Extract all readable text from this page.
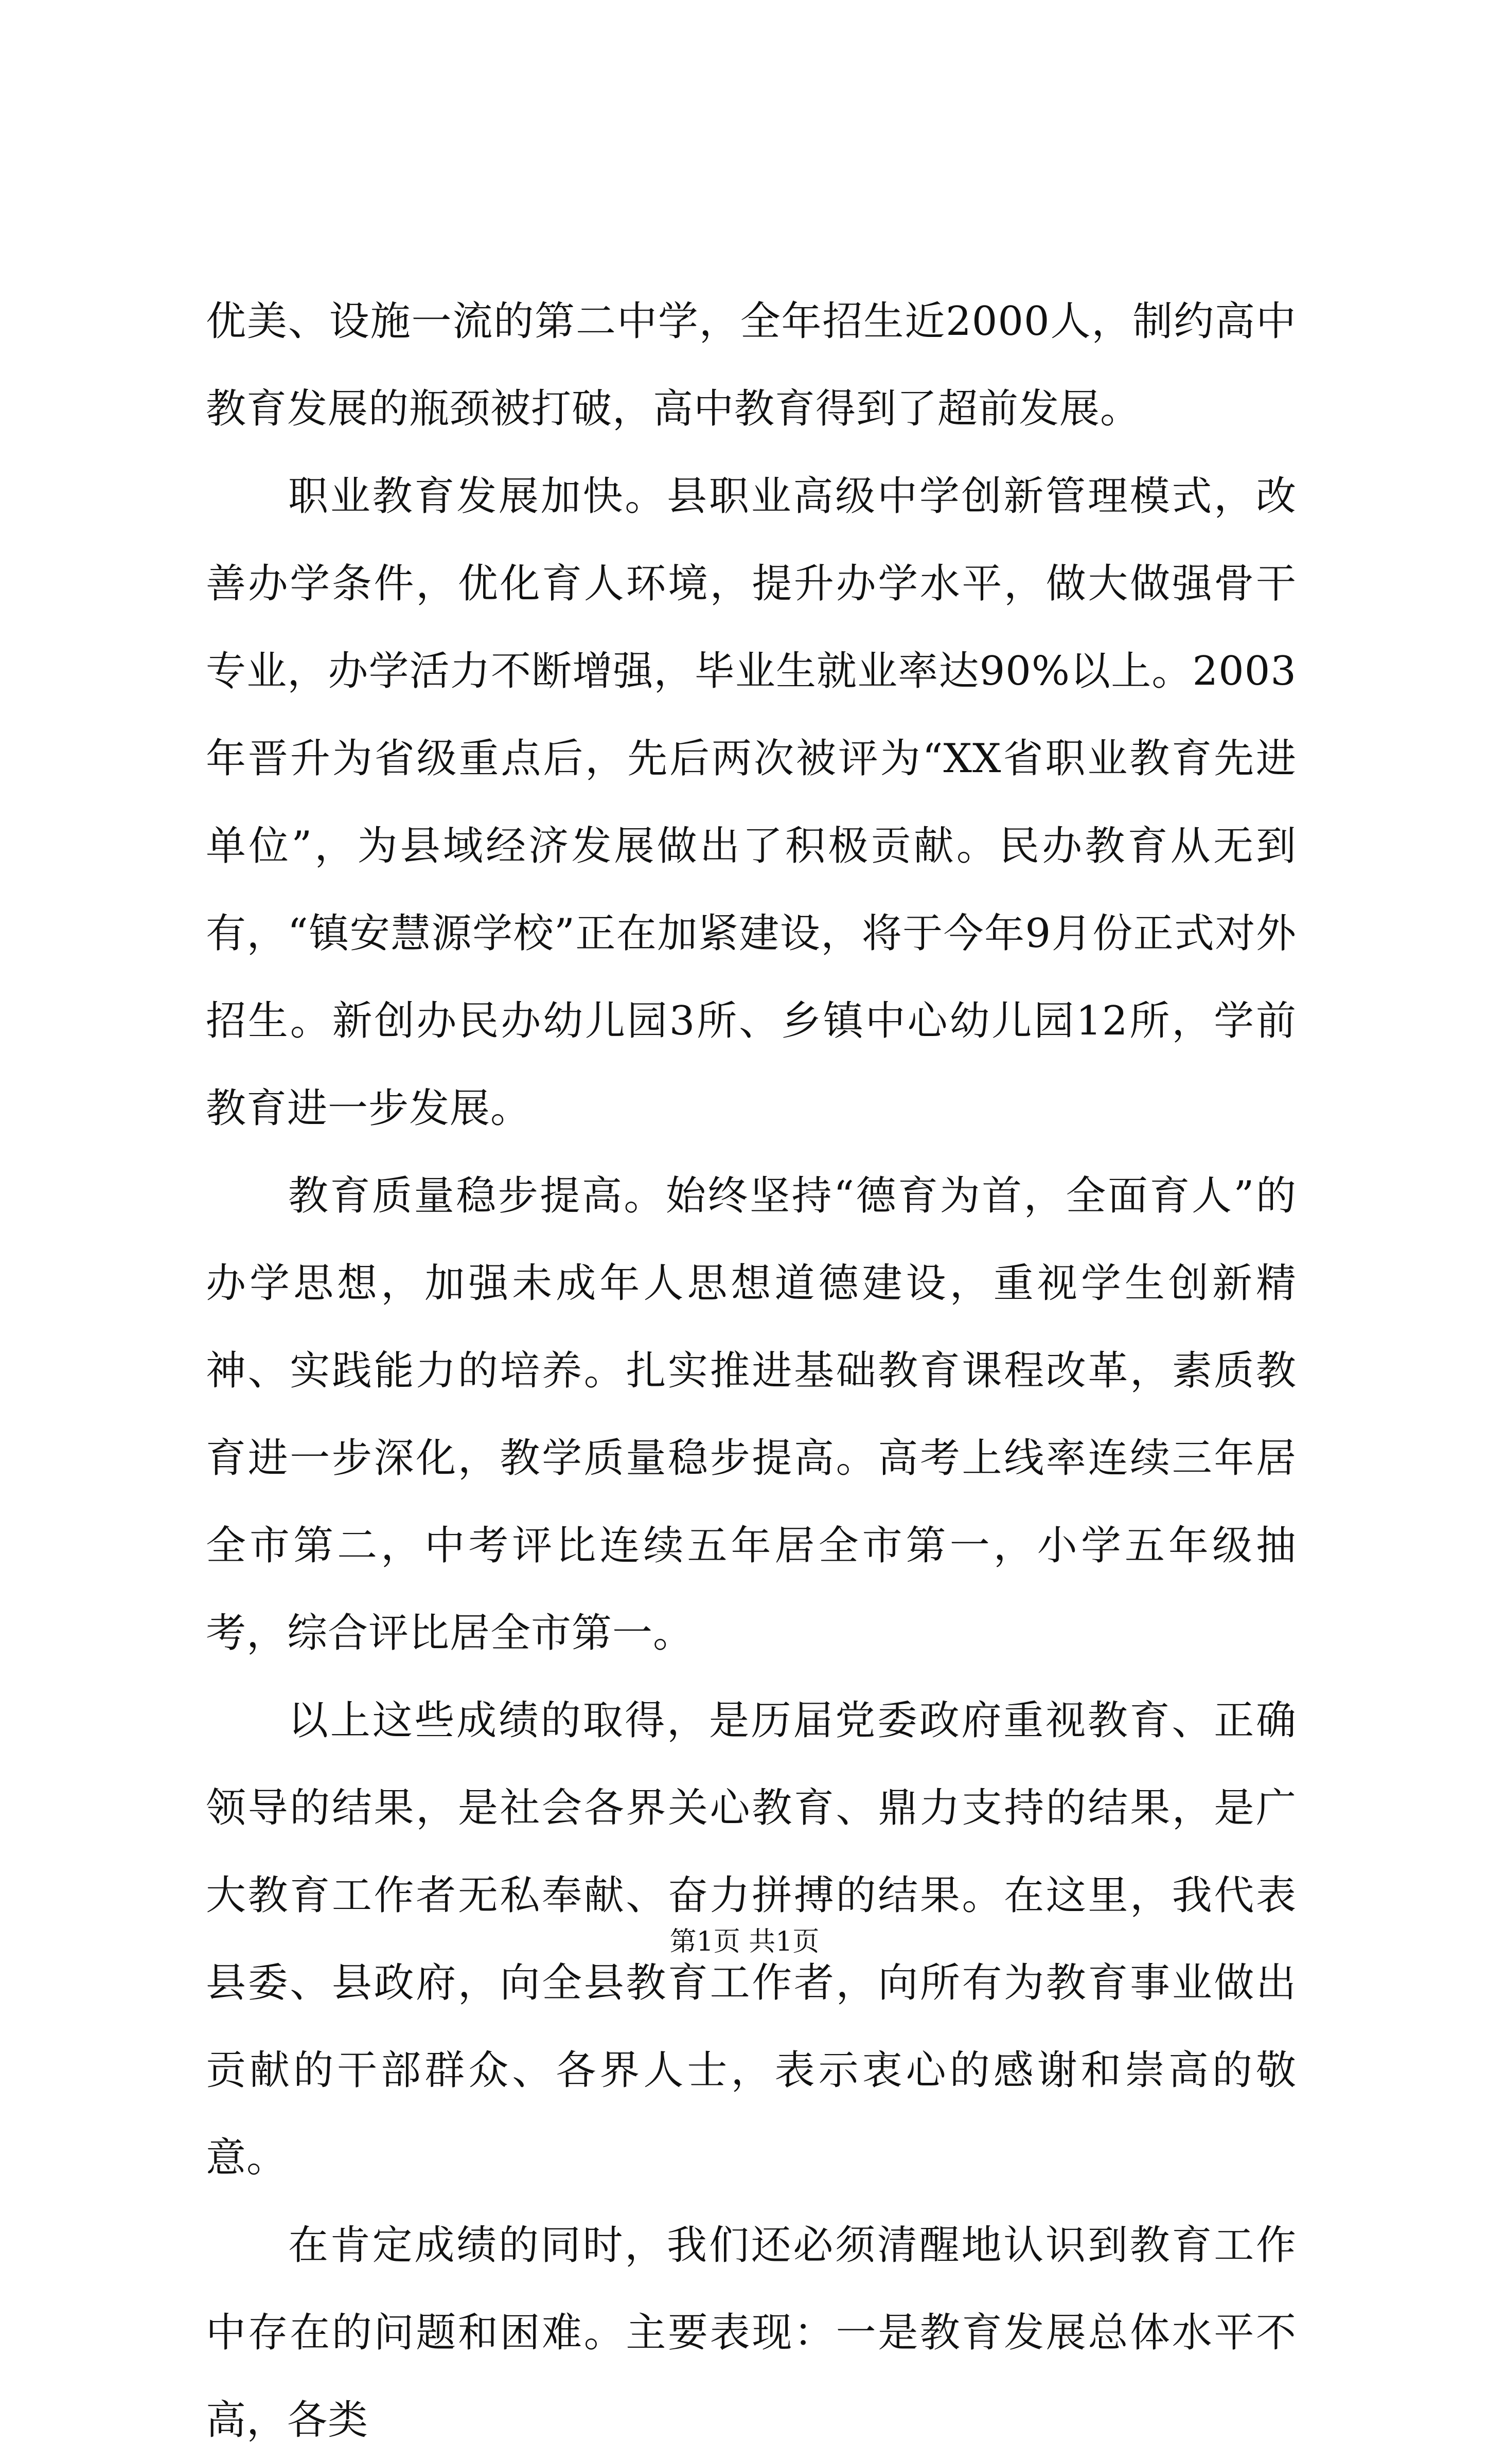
优美、设施一流的第二中学，全年招生近2000人，制约高中教育发展的瓶颈被打破，高中教育得到了超前发展。

职业教育发展加快。县职业高级中学创新管理模式，改善办学条件，优化育人环境，提升办学水平，做大做强骨干专业，办学活力不断增强，毕业生就业率达90%以上。2003年晋升为省级重点后，先后两次被评为“XX省职业教育先进单位”，为县域经济发展做出了积极贡献。民办教育从无到有，“镇安慧源学校”正在加紧建设，将于今年9月份正式对外招生。新创办民办幼儿园3所、乡镇中心幼儿园12所，学前教育进一步发展。

教育质量稳步提高。始终坚持“德育为首，全面育人”的办学思想，加强未成年人思想道德建设，重视学生创新精神、实践能力的培养。扎实推进基础教育课程改革，素质教育进一步深化，教学质量稳步提高。高考上线率连续三年居全市第二，中考评比连续五年居全市第一，小学五年级抽考，综合评比居全市第一。

以上这些成绩的取得，是历届党委政府重视教育、正确领导的结果，是社会各界关心教育、鼎力支持的结果，是广大教育工作者无私奉献、奋力拼搏的结果。在这里，我代表县委、县政府，向全县教育工作者，向所有为教育事业做出贡献的干部群众、各界人士，表示衷心的感谢和崇高的敬意。

在肯定成绩的同时，我们还必须清醒地认识到教育工作中存在的问题和困难。主要表现：一是教育发展总体水平不高，各类

第1页 共1页
